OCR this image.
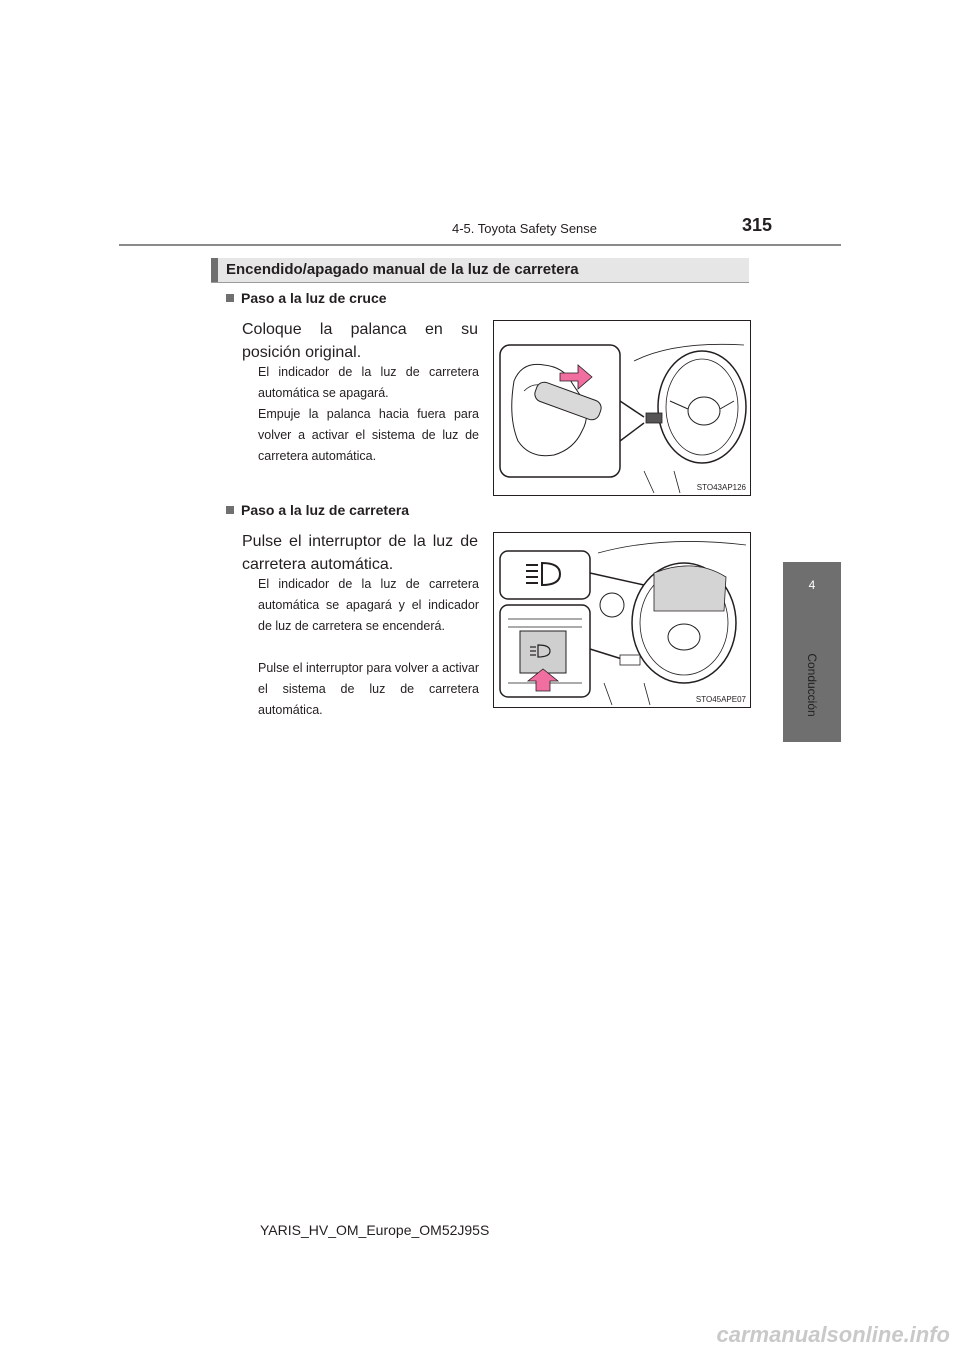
4-5. Toyota Safety Sense	315
4
Conducción
Encendido/apagado manual de la luz de carretera
Paso a la luz de cruce
Coloque la palanca en su posición original.
El indicador de la luz de carretera automática se apagará.
Empuje la palanca hacia fuera para volver a activar el sistema de luz de carretera automática.
STO43AP126
Paso a la luz de carretera
Pulse el interruptor de la luz de carretera automática.
El indicador de la luz de carretera automática se apagará y el indicador de luz de carretera se encenderá.
Pulse el interruptor para volver a activar el sistema de luz de carretera automática.
STO45APE07
YARIS_HV_OM_Europe_OM52J95S
carmanualsonline.info
